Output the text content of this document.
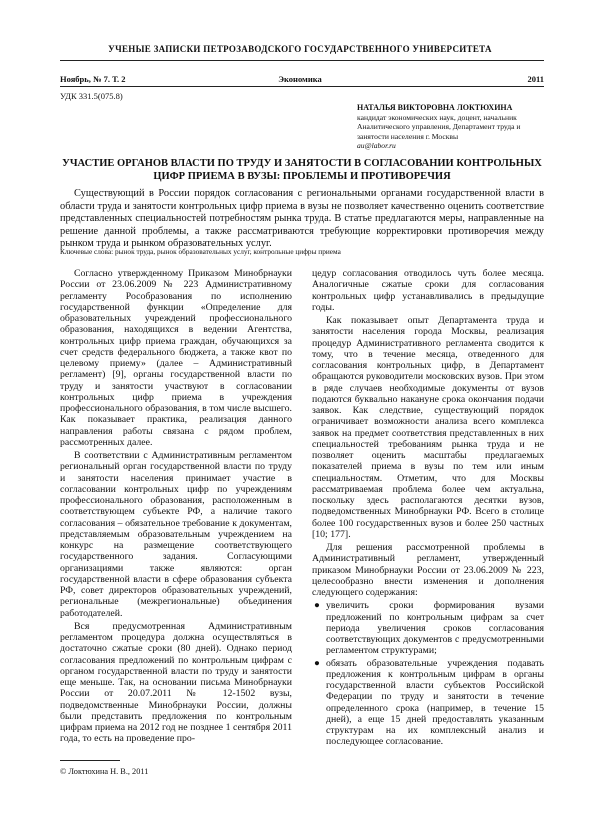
УЧЕНЫЕ ЗАПИСКИ ПЕТРОЗАВОДСКОГО ГОСУДАРСТВЕННОГО УНИВЕРСИТЕТА
Ноябрь, № 7. Т. 2	Экономика	2011
УДК 331.5(075.8)
НАТАЛЬЯ ВИКТОРОВНА ЛОКТЮХИНА
кандидат экономических наук, доцент, начальник Аналитического управления, Департамент труда и занятости населения г. Москвы
au@labor.ru
УЧАСТИЕ ОРГАНОВ ВЛАСТИ ПО ТРУДУ И ЗАНЯТОСТИ В СОГЛАСОВАНИИ КОНТРОЛЬНЫХ ЦИФР ПРИЕМА В ВУЗЫ: ПРОБЛЕМЫ И ПРОТИВОРЕЧИЯ

Существующий в России порядок согласования с региональными органами государственной власти в области труда и занятости контрольных цифр приема в вузы не позволяет качественно оценить соответствие представленных специальностей потребностям рынка труда. В статье предлагаются меры, направленные на решение данной проблемы, а также рассматриваются требующие корректировки противоречия между рынком труда и рынком образовательных услуг.

Ключевые слова: рынок труда, рынок образовательных услуг, контрольные цифры приема

Согласно утвержденному Приказом Минобрнауки России от 23.06.2009 № 223 Административному регламенту Рособразования по исполнению государственной функции «Определение для образовательных учреждений профессионального образования, находящихся в ведении Агентства, контрольных цифр приема граждан, обучающихся за счет средств федерального бюджета, а также квот по целевому приему» (далее – Административный регламент) [9], органы государственной власти по труду и занятости участвуют в согласовании контрольных цифр приема в учреждения профессионального образования, в том числе высшего. Как показывает практика, реализация данного направления работы связана с рядом проблем, рассмотренных далее.

В соответствии с Административным регламентом региональный орган государственной власти по труду и занятости населения принимает участие в согласовании контрольных цифр по учреждениям профессионального образования, расположенным в соответствующем субъекте РФ, а наличие такого согласования – обязательное требование к документам, представляемым образовательным учреждением на конкурс на размещение соответствующего государственного задания. Согласующими организациями также являются: орган государственной власти в сфере образования субъекта РФ, совет директоров образовательных учреждений, региональные (межрегиональные) объединения работодателей.

Вся предусмотренная Административным регламентом процедура должна осуществляться в достаточно сжатые сроки (80 дней). Однако период согласования предложений по контрольным цифрам с органом государственной власти по труду и занятости еще меньше. Так, на основании письма Минобрнауки России от 20.07.2011 № 12-1502 вузы, подведомственные Минобрнауки России, должны были представить предложения по контрольным цифрам приема на 2012 год не позднее 1 сентября 2011 года, то есть на проведение про-

цедур согласования отводилось чуть более месяца. Аналогичные сжатые сроки для согласования контрольных цифр устанавливались в предыдущие годы.

Как показывает опыт Департамента труда и занятости населения города Москвы, реализация процедур Административного регламента сводится к тому, что в течение месяца, отведенного для согласования контрольных цифр, в Департамент обращаются руководители московских вузов. При этом в ряде случаев необходимые документы от вузов подаются буквально накануне срока окончания подачи заявок. Как следствие, существующий порядок ограничивает возможности анализа всего комплекса заявок на предмет соответствия представленных в них специальностей требованиям рынка труда и не позволяет оценить масштабы предлагаемых показателей приема в вузы по тем или иным специальностям. Отметим, что для Москвы рассматриваемая проблема более чем актуальна, поскольку здесь располагаются десятки вузов, подведомственных Минобрнауки РФ. Всего в столице более 100 государственных вузов и более 250 частных [10; 177].

Для решения рассмотренной проблемы в Административный регламент, утвержденный приказом Минобрнауки России от 23.06.2009 № 223, целесообразно внести изменения и дополнения следующего содержания:

● увеличить сроки формирования вузами предложений по контрольным цифрам за счет периода увеличения сроков согласования соответствующих документов с предусмотренными регламентом структурами;
● обязать образовательные учреждения подавать предложения к контрольным цифрам в органы государственной власти субъектов Российской Федерации по труду и занятости в течение определенного срока (например, в течение 15 дней), а еще 15 дней предоставлять указанным структурам на их комплексный анализ и последующее согласование.
© Локтюхина Н. В., 2011
